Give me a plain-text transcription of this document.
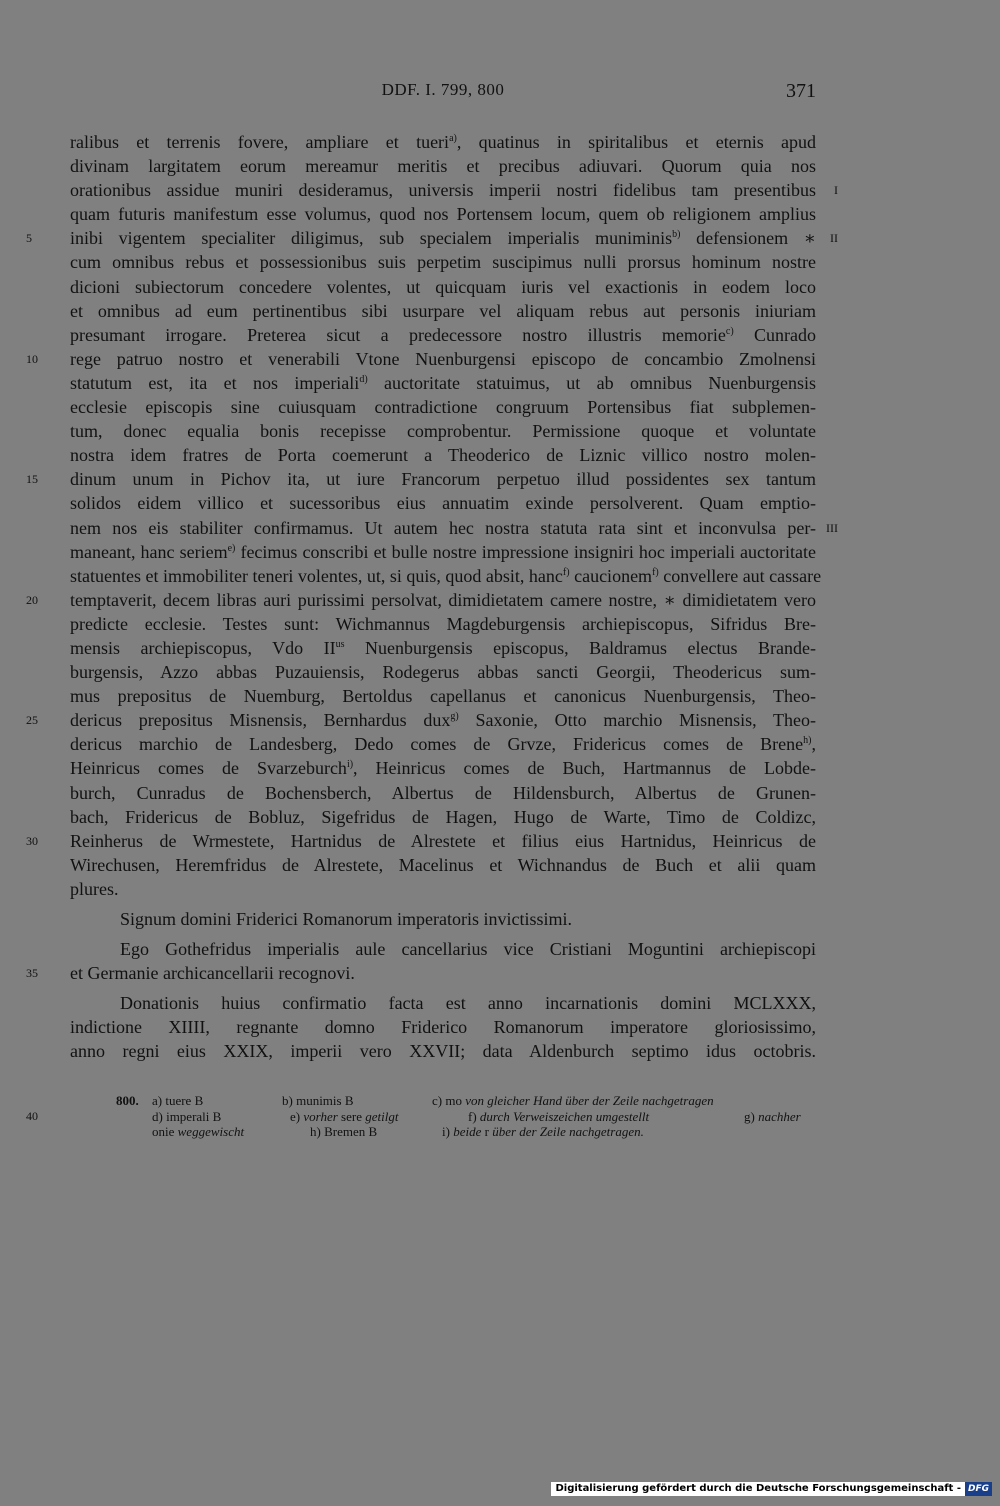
DDF. I. 799, 800	371
ralibus et terrenis fovere, ampliare et tueri$^{a)}$, quatinus in spiritalibus et eternis apud
divinam largitatem eorum mereamur meritis et precibus adiuvari. Quorum quia nos
orationibus assidue muniri desideramus, universis imperii nostri fidelibus tam presentibus I
quam futuris manifestum esse volumus, quod nos Portensem locum, quem ob religionem amplius
5	inibi vigentem specialiter diligimus, sub specialem imperialis muniminis$^{b)}$ defensionem ∗ II
cum omnibus rebus et possessionibus suis perpetim suscipimus nulli prorsus hominum nostre
dicioni subiectorum concedere volentes, ut quicquam iuris vel exactionis in eodem loco
et omnibus ad eum pertinentibus sibi usurpare vel aliquam rebus aut personis iniuriam
presumant irrogare. Preterea sicut a predecessore nostro illustris memorie$^{c)}$ Cunrado
10	rege patruo nostro et venerabili Vtone Nuenburgensi episcopo de concambio Zmolnensi
statutum est, ita et nos imperiali$^{d)}$ auctoritate statuimus, ut ab omnibus Nuenburgensis
ecclesie episcopis sine cuiusquam contradictione congruum Portensibus fiat subplemen-
tum, donec equalia bonis recepisse comprobentur. Permissione quoque et voluntate
nostra idem fratres de Porta coemerunt a Theoderico de Liznic villico nostro molen-
15	dinum unum in Pichov ita, ut iure Francorum perpetuo illud possidentes sex tantum
solidos eidem villico et sucessoribus eius annuatim exinde persolverent. Quam emptio-
nem nos eis stabiliter confirmamus. Ut autem hec nostra statuta rata sint et inconvulsa per- III
maneant, hanc seriem$^{e)}$ fecimus conscribi et bulle nostre impressione insigniri hoc imperiali auctoritate
statuentes et immobiliter teneri volentes, ut, si quis, quod absit, hanc$^{f)}$ caucionem$^{f)}$ convellere aut cassare
20	temptaverit, decem libras auri purissimi persolvat, dimidietatem camere nostre, ∗ dimidietatem vero
predicte ecclesie. Testes sunt: Wichmannus Magdeburgensis archiepiscopus, Sifridus Bre-
mensis archiepiscopus, Vdo $II^{us}$ Nuenburgensis episcopus, Baldramus electus Brande-
burgensis, Azzo abbas Puzauiensis, Rodegerus abbas sancti Georgii, Theodericus sum-
mus prepositus de Nuemburg, Bertoldus capellanus et canonicus Nuenburgensis, Theo-
25	dericus prepositus Misnensis, Bernhardus dux$^{g)}$ Saxonie, Otto marchio Misnensis, Theo-
dericus marchio de Landesberg, Dedo comes de Grvze, Fridericus comes de Brene$^{h)}$,
Heinricus comes de Svarzeburch$^{i)}$, Heinricus comes de Buch, Hartmannus de Lobde-
burch, Cunradus de Bochensberch, Albertus de Hildensburch, Albertus de Grunen-
bach, Fridericus de Bobluz, Sigefridus de Hagen, Hugo de Warte, Timo de Coldizc,
30	Reinherus de Wrmestete, Hartnidus de Alrestete et filius eius Hartnidus, Heinricus de
Wirechusen, Heremfridus de Alrestete, Macelinus et Wichnandus de Buch et alii quam
plures.
Signum domini Friderici Romanorum imperatoris invictissimi.
Ego Gothefridus imperialis aule cancellarius vice Cristiani Moguntini archiepiscopi
35	et Germanie archicancellarii recognovi.
Donationis huius confirmatio facta est anno incarnationis domini MCLXXX,
indictione XIIII, regnante domno Friderico Romanorum imperatore gloriosissimo,
anno regni eius XXIX, imperii vero XXVII; data Aldenburch septimo idus octobris.
800. a) tuere B	b) munimis B	c) mo von gleicher Hand über der Zeile nachgetragen
40	d) imperali B	e) vorher sere getilgt	f) durch Verweiszeichen umgestellt	g) nachher
onie weggewischt	h) Bremen B	i) beide r über der Zeile nachgetragen.
Digitalisierung gefördert durch die Deutsche Forschungsgemeinschaft - DFG
